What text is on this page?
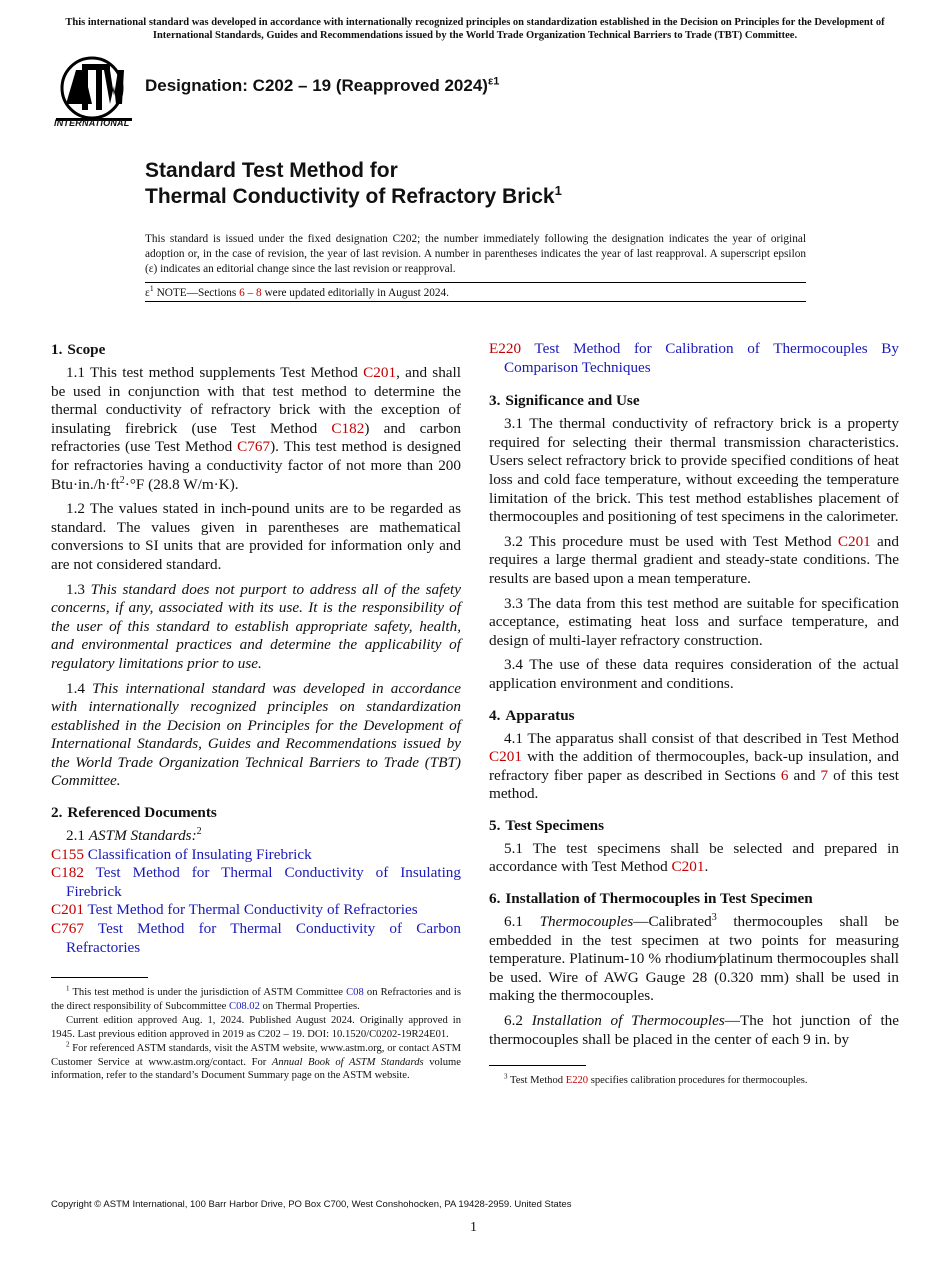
This international standard was developed in accordance with internationally recognized principles on standardization established in the Decision on Principles for the Development of International Standards, Guides and Recommendations issued by the World Trade Organization Technical Barriers to Trade (TBT) Committee.
INTERNATIONAL
Designation: C202 – 19 (Reapproved 2024)$^{\varepsilon 1}$
Standard Test Method for
Thermal Conductivity of Refractory Brick$^1$
This standard is issued under the fixed designation C202; the number immediately following the designation indicates the year of original adoption or, in the case of revision, the year of last revision. A number in parentheses indicates the year of last reapproval. A superscript epsilon (ε) indicates an editorial change since the last revision or reapproval.
$\varepsilon^1$ NOTE—Sections 6 – 8 were updated editorially in August 2024.
1. Scope

1.1 This test method supplements Test Method C201, and shall be used in conjunction with that test method to determine the thermal conductivity of refractory brick with the exception of insulating firebrick (use Test Method C182) and carbon refractories (use Test Method C767). This test method is designed for refractories having a conductivity factor of not more than 200 $Btu\cdot in./h\cdot ft^2\cdot^\circ F$ (28.8 W/m·K).

1.2 The values stated in inch-pound units are to be regarded as standard. The values given in parentheses are mathematical conversions to SI units that are provided for information only and are not considered standard.

1.3 This standard does not purport to address all of the safety concerns, if any, associated with its use. It is the responsibility of the user of this standard to establish appropriate safety, health, and environmental practices and determine the applicability of regulatory limitations prior to use.

1.4 This international standard was developed in accordance with internationally recognized principles on standardization established in the Decision on Principles for the Development of International Standards, Guides and Recommendations issued by the World Trade Organization Technical Barriers to Trade (TBT) Committee.

2. Referenced Documents

2.1 ASTM Standards:$^2$

C155 Classification of Insulating Firebrick
C182 Test Method for Thermal Conductivity of Insulating Firebrick
C201 Test Method for Thermal Conductivity of Refractories
C767 Test Method for Thermal Conductivity of Carbon Refractories
$^1$ This test method is under the jurisdiction of ASTM Committee C08 on Refractories and is the direct responsibility of Subcommittee C08.02 on Thermal Properties.
Current edition approved Aug. 1, 2024. Published August 2024. Originally approved in 1945. Last previous edition approved in 2019 as C202 – 19. DOI: 10.1520/C0202-19R24E01.
$^2$ For referenced ASTM standards, visit the ASTM website, www.astm.org, or contact ASTM Customer Service at www.astm.org/contact. For Annual Book of ASTM Standards volume information, refer to the standard’s Document Summary page on the ASTM website.
E220 Test Method for Calibration of Thermocouples By Comparison Techniques
3. Significance and Use

3.1 The thermal conductivity of refractory brick is a property required for selecting their thermal transmission characteristics. Users select refractory brick to provide specified conditions of heat loss and cold face temperature, without exceeding the temperature limitation of the brick. This test method establishes placement of thermocouples and positioning of test specimens in the calorimeter.

3.2 This procedure must be used with Test Method C201 and requires a large thermal gradient and steady-state conditions. The results are based upon a mean temperature.

3.3 The data from this test method are suitable for specification acceptance, estimating heat loss and surface temperature, and design of multi-layer refractory construction.

3.4 The use of these data requires consideration of the actual application environment and conditions.

4. Apparatus

4.1 The apparatus shall consist of that described in Test Method C201 with the addition of thermocouples, back-up insulation, and refractory fiber paper as described in Sections 6 and 7 of this test method.

5. Test Specimens

5.1 The test specimens shall be selected and prepared in accordance with Test Method C201.

6. Installation of Thermocouples in Test Specimen

6.1 Thermocouples—Calibrated$^3$ thermocouples shall be embedded in the test specimen at two points for measuring temperature. Platinum-10 % rhodium⁄platinum thermocouples shall be used. Wire of AWG Gauge 28 (0.320 mm) shall be used in making the thermocouples.

6.2 Installation of Thermocouples—The hot junction of the thermocouples shall be placed in the center of each 9 in. by

$^3$ Test Method E220 specifies calibration procedures for thermocouples.
Copyright © ASTM International, 100 Barr Harbor Drive, PO Box C700, West Conshohocken, PA 19428-2959. United States
1
